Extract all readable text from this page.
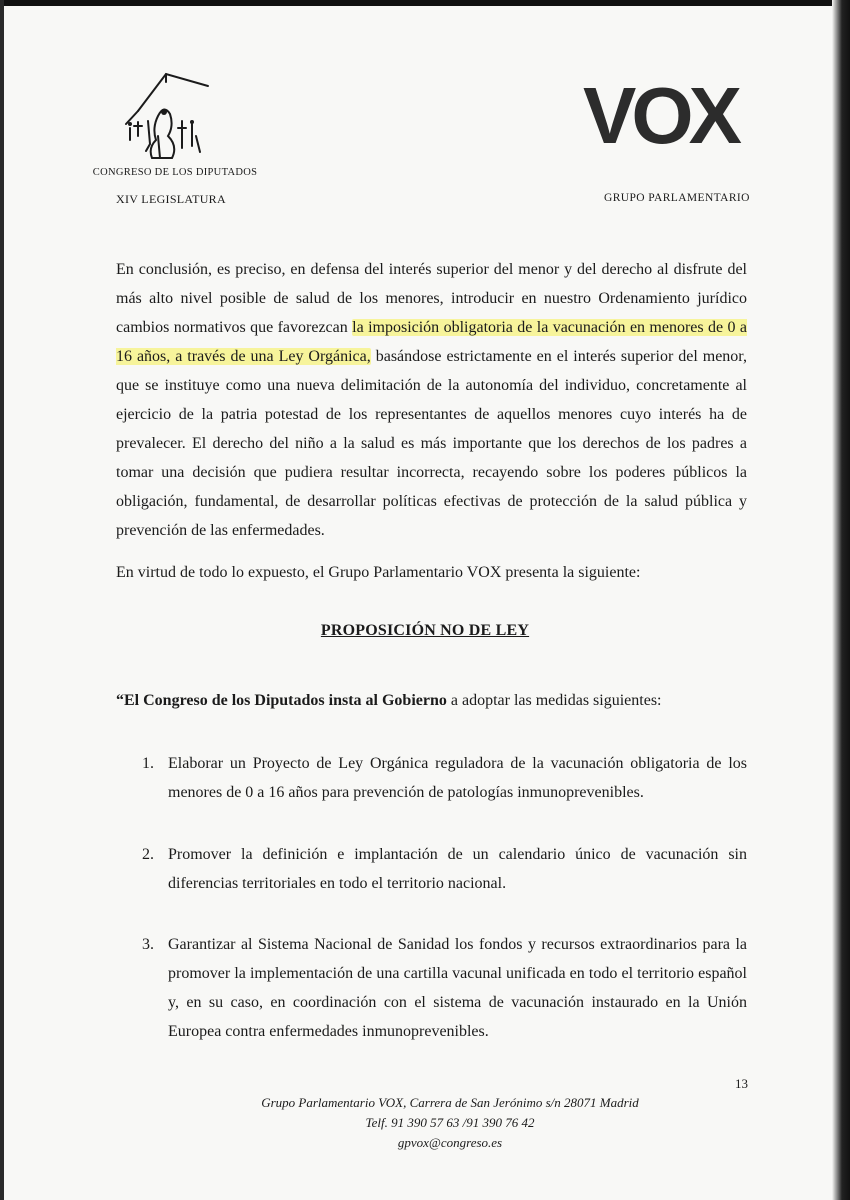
CONGRESO DE LOS DIPUTADOS
XIV LEGISLATURA
VOX
GRUPO PARLAMENTARIO
En conclusión, es preciso, en defensa del interés superior del menor y del derecho al disfrute del más alto nivel posible de salud de los menores, introducir en nuestro Ordenamiento jurídico cambios normativos que favorezcan la imposición obligatoria de la vacunación en menores de 0 a 16 años, a través de una Ley Orgánica, basándose estrictamente en el interés superior del menor, que se instituye como una nueva delimitación de la autonomía del individuo, concretamente al ejercicio de la patria potestad de los representantes de aquellos menores cuyo interés ha de prevalecer. El derecho del niño a la salud es más importante que los derechos de los padres a tomar una decisión que pudiera resultar incorrecta, recayendo sobre los poderes públicos la obligación, fundamental, de desarrollar políticas efectivas de protección de la salud pública y prevención de las enfermedades.
En virtud de todo lo expuesto, el Grupo Parlamentario VOX presenta la siguiente:
PROPOSICIÓN NO DE LEY
“El Congreso de los Diputados insta al Gobierno a adoptar las medidas siguientes:
1. Elaborar un Proyecto de Ley Orgánica reguladora de la vacunación obligatoria de los menores de 0 a 16 años para prevención de patologías inmunoprevenibles.
2. Promover la definición e implantación de un calendario único de vacunación sin diferencias territoriales en todo el territorio nacional.
3. Garantizar al Sistema Nacional de Sanidad los fondos y recursos extraordinarios para la promover la implementación de una cartilla vacunal unificada en todo el territorio español y, en su caso, en coordinación con el sistema de vacunación instaurado en la Unión Europea contra enfermedades inmunoprevenibles.
13
Grupo Parlamentario VOX, Carrera de San Jerónimo s/n 28071 Madrid
Telf. 91 390 57 63 /91 390 76 42
gpvox@congreso.es
